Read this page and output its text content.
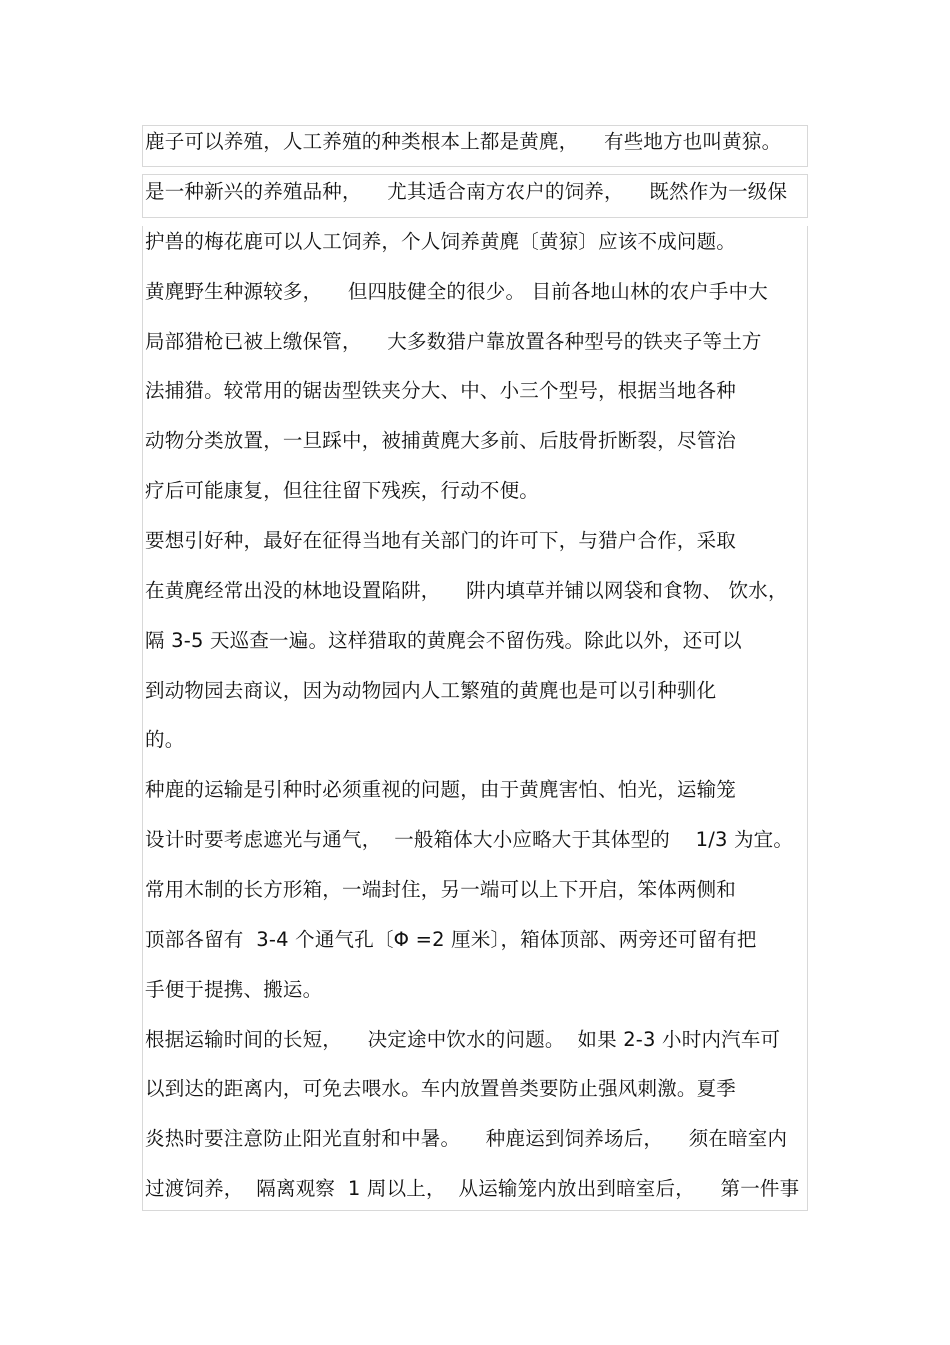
鹿子可以养殖，人工养殖的种类根本上都是黄麂，    有些地方也叫黄猄。
是一种新兴的养殖品种，    尤其适合南方农户的饲养，    既然作为一级保
护兽的梅花鹿可以人工饲养，个人饲养黄麂〔黄猄〕应该不成问题。
黄麂野生种源较多，    但四肢健全的很少。 目前各地山林的农户手中大
局部猎枪已被上缴保管，    大多数猎户靠放置各种型号的铁夹子等土方
法捕猎。较常用的锯齿型铁夹分大、中、小三个型号，根据当地各种
动物分类放置，一旦踩中，被捕黄麂大多前、后肢骨折断裂，尽管治
疗后可能康复，但往往留下残疾，行动不便。
要想引好种，最好在征得当地有关部门的许可下，与猎户合作，采取
在黄麂经常出没的林地设置陷阱，    阱内填草并铺以网袋和食物、 饮水，
隔 3-5 天巡查一遍。这样猎取的黄麂会不留伤残。除此以外，还可以
到动物园去商议，因为动物园内人工繁殖的黄麂也是可以引种驯化
的。
种鹿的运输是引种时必须重视的问题，由于黄麂害怕、怕光，运输笼
设计时要考虑遮光与通气，  一般箱体大小应略大于其体型的    1/3 为宜。
常用木制的长方形箱，一端封住，另一端可以上下开启，笨体两侧和
顶部各留有  3-4 个通气孔〔Φ =2 厘米〕，箱体顶部、两旁还可留有把
手便于提携、搬运。
根据运输时间的长短，    决定途中饮水的问题。  如果 2-3 小时内汽车可
以到达的距离内，可免去喂水。车内放置兽类要防止强风刺激。夏季
炎热时要注意防止阳光直射和中暑。    种鹿运到饲养场后，    须在暗室内
过渡饲养，  隔离观察  1 周以上，  从运输笼内放出到暗室后，    第一件事
